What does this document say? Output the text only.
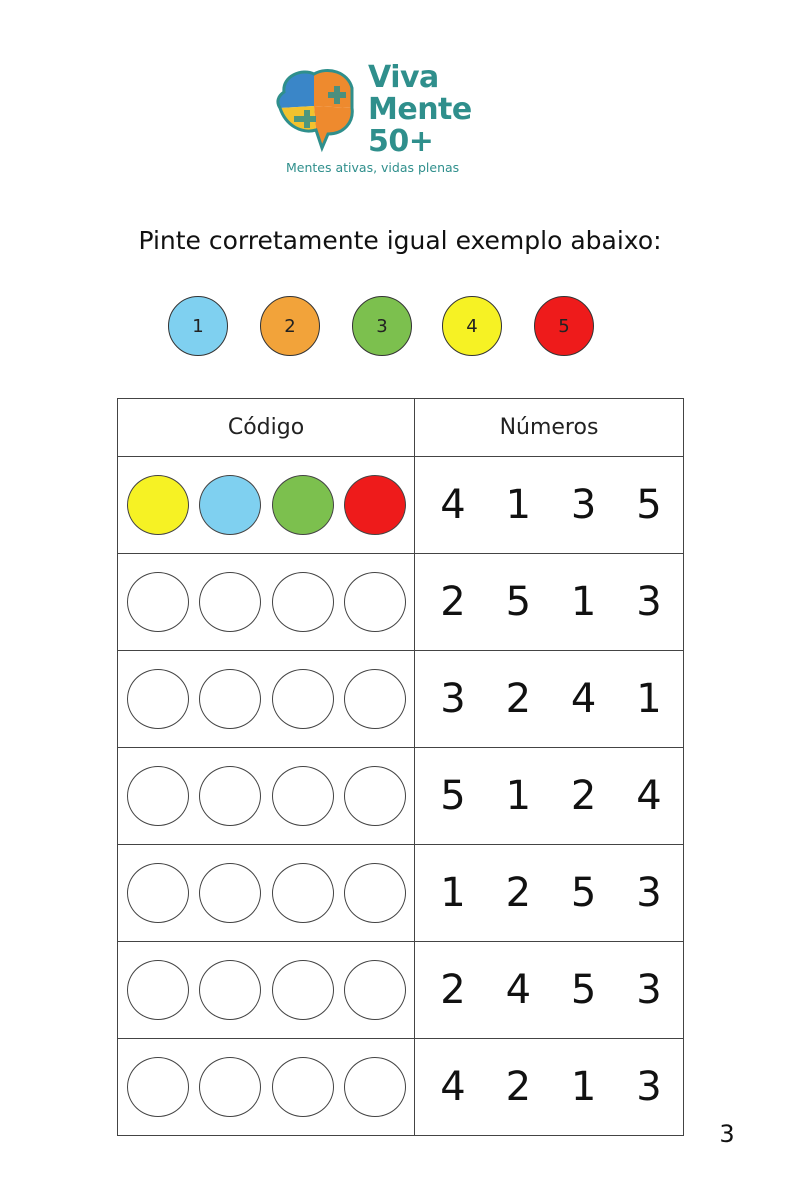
Viva
Mente
50+
Mentes ativas, vidas plenas
Pinte corretamente igual exemplo abaixo:
1	2	3	4	5
Código	Números

	4 1 3 5

	2 5 1 3

	3 2 4 1

	5 1 2 4

	1 2 5 3

	2 4 5 3

	4 2 1 3
3
